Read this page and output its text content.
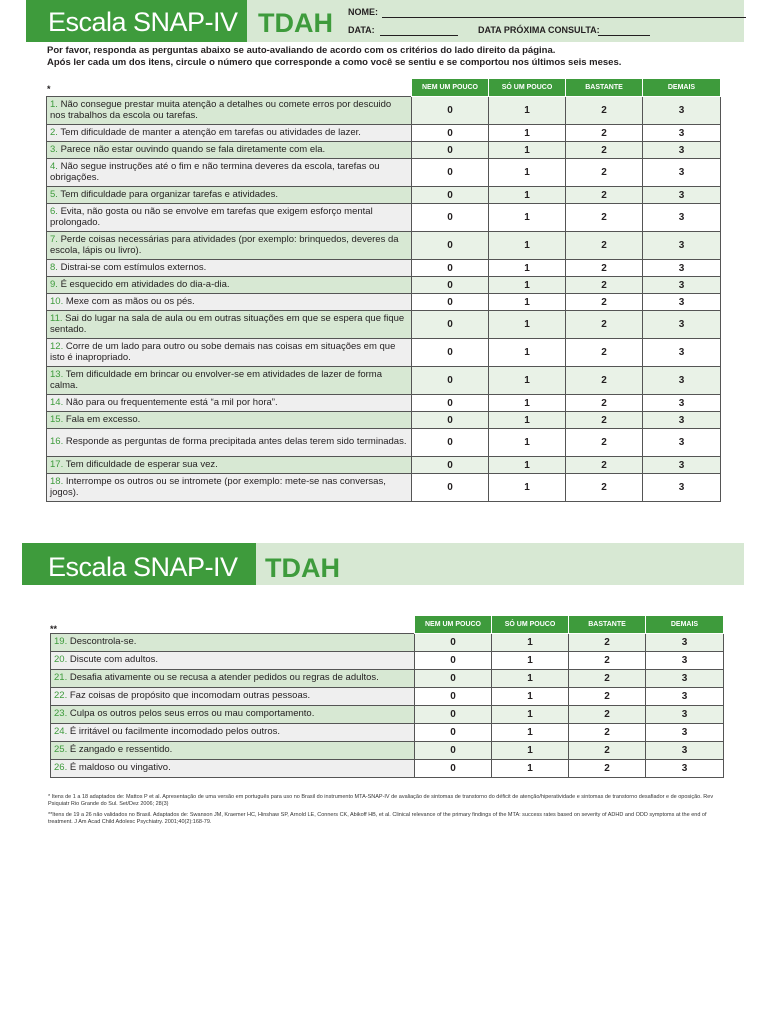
Escala SNAP-IV TDAH NOME:
DATA:	DATA PRÓXIMA CONSULTA:
Por favor, responda as perguntas abaixo se auto-avaliando de acordo com os critérios do lado direito da página.
Após ler cada um dos itens, circule o número que corresponde a como você se sentiu e se comportou nos últimos seis meses.
*
		NEM UM POUCO	SÓ UM POUCO	BASTANTE	DEMAIS
1. Não consegue prestar muita atenção a detalhes ou comete erros por descuido nos trabalhos da escola ou tarefas.	0	1	2	3
2. Tem dificuldade de manter a atenção em tarefas ou atividades de lazer.	0	1	2	3
3. Parece não estar ouvindo quando se fala diretamente com ela.	0	1	2	3
4. Não segue instruções até o fim e não termina deveres da escola, tarefas ou obrigações.	0	1	2	3
5. Tem dificuldade para organizar tarefas e atividades.	0	1	2	3
6. Evita, não gosta ou não se envolve em tarefas que exigem esforço mental prolongado.	0	1	2	3
7. Perde coisas necessárias para atividades (por exemplo: brinquedos, deveres da escola, lápis ou livro).	0	1	2	3
8. Distrai-se com estímulos externos.	0	1	2	3
9. É esquecido em atividades do dia-a-dia.	0	1	2	3
10. Mexe com as mãos ou os pés.	0	1	2	3
11. Sai do lugar na sala de aula ou em outras situações em que se espera que fique sentado.	0	1	2	3
12. Corre de um lado para outro ou sobe demais nas coisas em situações em que isto é inapropriado.	0	1	2	3
13. Tem dificuldade em brincar ou envolver-se em atividades de lazer de forma calma.	0	1	2	3
14. Não para ou frequentemente está “a mil por hora”.	0	1	2	3
15. Fala em excesso.	0	1	2	3
16. Responde as perguntas de forma precipitada antes delas terem sido terminadas.	0	1	2	3
17. Tem dificuldade de esperar sua vez.	0	1	2	3
18. Interrompe os outros ou se intromete (por exemplo: mete-se nas conversas, jogos).	0	1	2	3
Escala SNAP-IV TDAH
**
		NEM UM POUCO	SÓ UM POUCO	BASTANTE	DEMAIS
19. Descontrola-se.	0	1	2	3
20. Discute com adultos.	0	1	2	3
21. Desafia ativamente ou se recusa a atender pedidos ou regras de adultos.	0	1	2	3
22. Faz coisas de propósito que incomodam outras pessoas.	0	1	2	3
23. Culpa os outros pelos seus erros ou mau comportamento.	0	1	2	3
24. É irritável ou facilmente incomodado pelos outros.	0	1	2	3
25. É zangado e ressentido.	0	1	2	3
26. É maldoso ou vingativo.	0	1	2	3
* Itens de 1 a 18 adaptados de: Mattos P et al. Apresentação de uma versão em português para uso no Brasil do instrumento MTA-SNAP-IV de avaliação de sintomas de transtorno do déficit de atenção/hiperatividade e sintomas de transtorno desafiador e de oposição. Rev Psiquiatr Rio Grande do Sul. Set/Dez 2006; 28(3)
**Itens de 19 a 26 não validados no Brasil. Adaptados de: Swanson JM, Kraemer HC, Hinshaw SP, Arnold LE, Conners CK, Abikoff HB, et al. Clinical relevance of the primary findings of the MTA: success rates based on severity of ADHD and ODD symptoms at the end of treatment. J Am Acad Child Adolesc Psychiatry. 2001;40(2):168-79.
